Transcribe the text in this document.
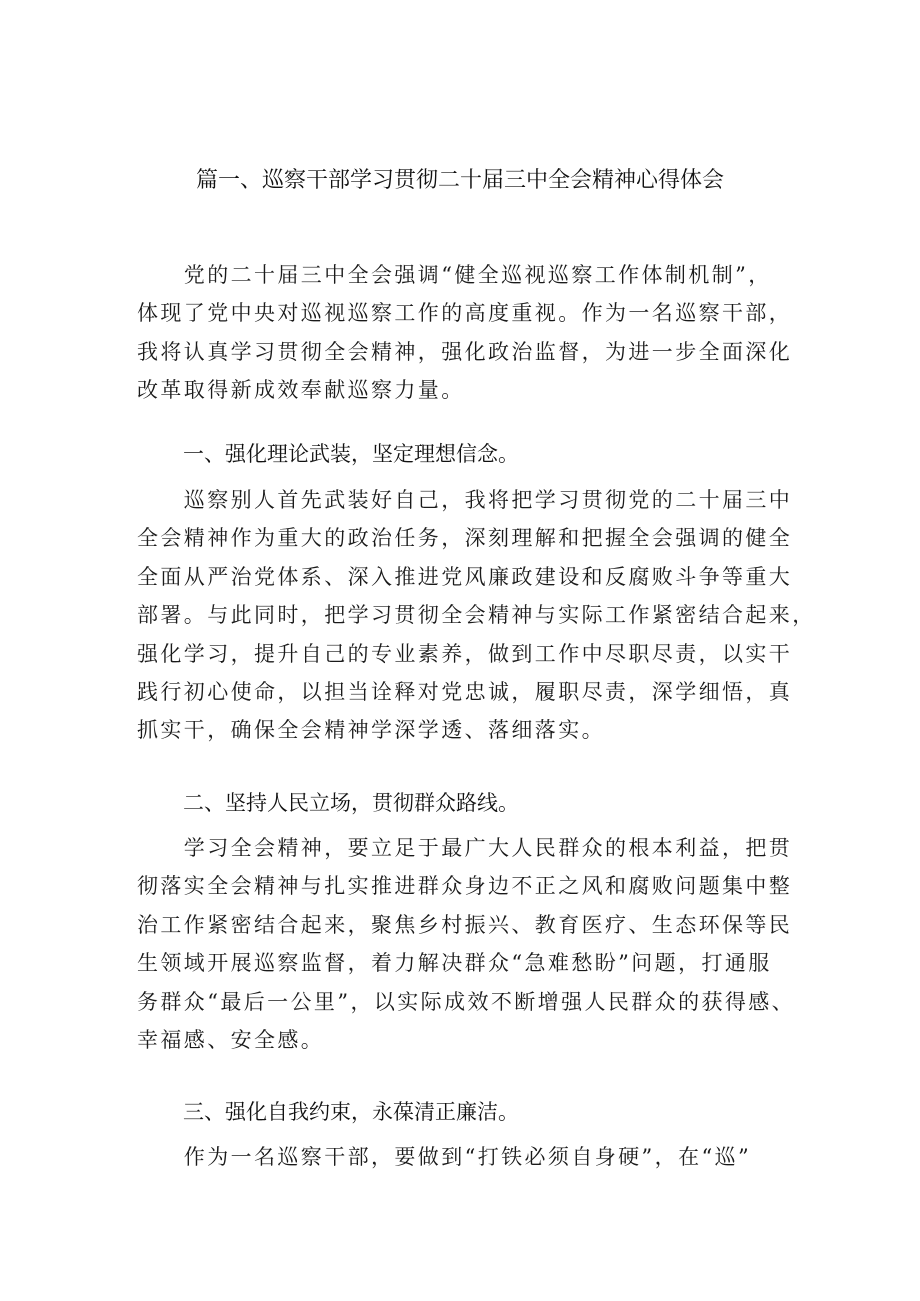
篇一、巡察干部学习贯彻二十届三中全会精神心得体会
　　党的二十届三中全会强调“健全巡视巡察工作体制机制”，
体现了党中央对巡视巡察工作的高度重视。作为一名巡察干部，
我将认真学习贯彻全会精神，强化政治监督，为进一步全面深化
改革取得新成效奉献巡察力量。
一、强化理论武装，坚定理想信念。
　　巡察别人首先武装好自己，我将把学习贯彻党的二十届三中
全会精神作为重大的政治任务，深刻理解和把握全会强调的健全
全面从严治党体系、深入推进党风廉政建设和反腐败斗争等重大
部署。与此同时，把学习贯彻全会精神与实际工作紧密结合起来，
强化学习，提升自己的专业素养，做到工作中尽职尽责，以实干
践行初心使命，以担当诠释对党忠诚，履职尽责，深学细悟，真
抓实干，确保全会精神学深学透、落细落实。
二、坚持人民立场，贯彻群众路线。
　　学习全会精神，要立足于最广大人民群众的根本利益，把贯
彻落实全会精神与扎实推进群众身边不正之风和腐败问题集中整
治工作紧密结合起来，聚焦乡村振兴、教育医疗、生态环保等民
生领域开展巡察监督，着力解决群众“急难愁盼”问题，打通服
务群众“最后一公里”，以实际成效不断增强人民群众的获得感、
幸福感、安全感。
三、强化自我约束，永葆清正廉洁。
　　作为一名巡察干部，要做到“打铁必须自身硬”，在“巡”
